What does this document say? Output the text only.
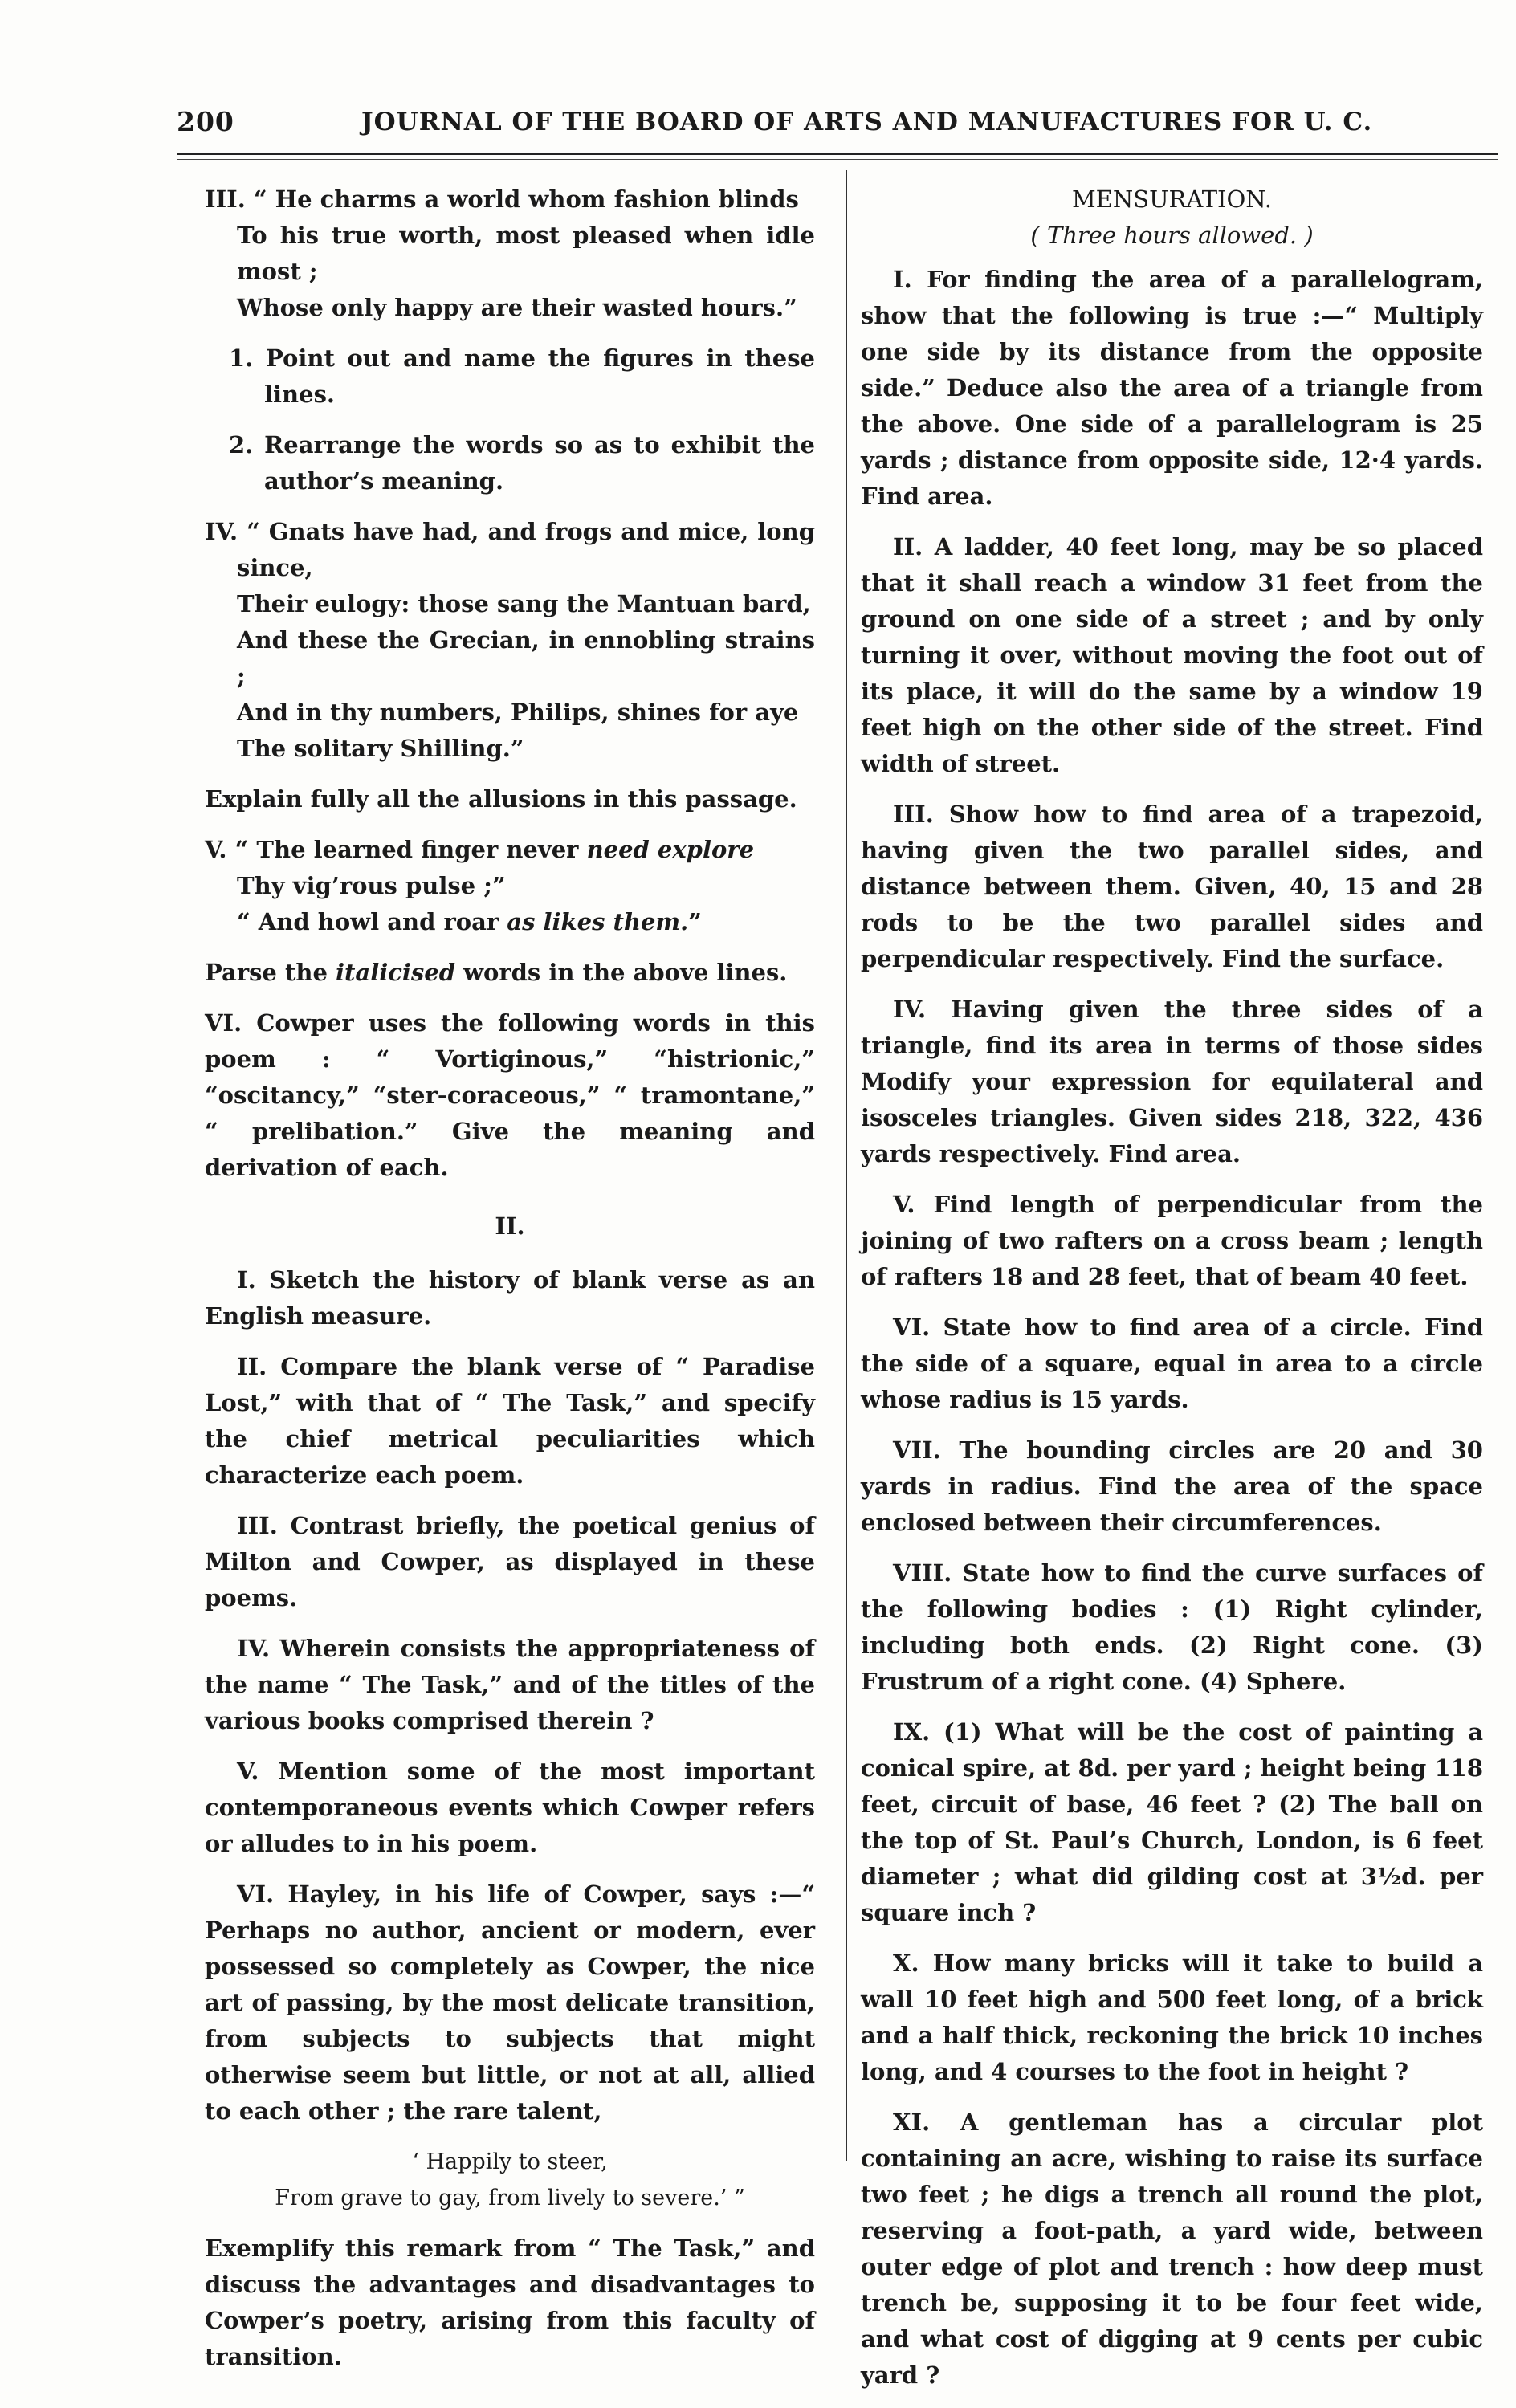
200	JOURNAL OF THE BOARD OF ARTS AND MANUFACTURES FOR U. C.
III. “ He charms a world whom fashion blinds
To his true worth, most pleased when idle most ;
Whose only happy are their wasted hours.”
1. Point out and name the figures in these lines.
2. Rearrange the words so as to exhibit the author’s meaning.
IV. “ Gnats have had, and frogs and mice, long since,
Their eulogy: those sang the Mantuan bard,
And these the Grecian, in ennobling strains ;
And in thy numbers, Philips, shines for aye
The solitary Shilling.”
Explain fully all the allusions in this passage.
V. “ The learned finger never need explore
Thy vig’rous pulse ;”
“ And howl and roar as likes them.”
Parse the italicised words in the above lines.
VI. Cowper uses the following words in this poem : “ Vortiginous,” “histrionic,” “oscitancy,” “ster-coraceous,” “ tramontane,” “ prelibation.” Give the meaning and derivation of each.
II.
I. Sketch the history of blank verse as an English measure.
II. Compare the blank verse of “ Paradise Lost,” with that of “ The Task,” and specify the chief metrical peculiarities which characterize each poem.
III. Contrast briefly, the poetical genius of Milton and Cowper, as displayed in these poems.
IV. Wherein consists the appropriateness of the name “ The Task,” and of the titles of the various books comprised therein ?
V. Mention some of the most important contemporaneous events which Cowper refers or alludes to in his poem.
VI. Hayley, in his life of Cowper, says :—“ Perhaps no author, ancient or modern, ever possessed so completely as Cowper, the nice art of passing, by the most delicate transition, from subjects to subjects that might otherwise seem but little, or not at all, allied to each other ; the rare talent,
‘ Happily to steer,
From grave to gay, from lively to severe.’ ”
Exemplify this remark from “ The Task,” and discuss the advantages and disadvantages to Cowper’s poetry, arising from this faculty of transition.
MENSURATION.
( Three hours allowed. )
I. For finding the area of a parallelogram, show that the following is true :—“ Multiply one side by its distance from the opposite side.” Deduce also the area of a triangle from the above. One side of a parallelogram is 25 yards ; distance from opposite side, 12·4 yards. Find area.
II. A ladder, 40 feet long, may be so placed that it shall reach a window 31 feet from the ground on one side of a street ; and by only turning it over, without moving the foot out of its place, it will do the same by a window 19 feet high on the other side of the street. Find width of street.
III. Show how to find area of a trapezoid, having given the two parallel sides, and distance between them. Given, 40, 15 and 28 rods to be the two parallel sides and perpendicular respectively. Find the surface.
IV. Having given the three sides of a triangle, find its area in terms of those sides Modify your expression for equilateral and isosceles triangles. Given sides 218, 322, 436 yards respectively. Find area.
V. Find length of perpendicular from the joining of two rafters on a cross beam ; length of rafters 18 and 28 feet, that of beam 40 feet.
VI. State how to find area of a circle. Find the side of a square, equal in area to a circle whose radius is 15 yards.
VII. The bounding circles are 20 and 30 yards in radius. Find the area of the space enclosed between their circumferences.
VIII. State how to find the curve surfaces of the following bodies : (1) Right cylinder, including both ends. (2) Right cone. (3) Frustrum of a right cone. (4) Sphere.
IX. (1) What will be the cost of painting a conical spire, at 8d. per yard ; height being 118 feet, circuit of base, 46 feet ? (2) The ball on the top of St. Paul’s Church, London, is 6 feet diameter ; what did gilding cost at 3½d. per square inch ?
X. How many bricks will it take to build a wall 10 feet high and 500 feet long, of a brick and a half thick, reckoning the brick 10 inches long, and 4 courses to the foot in height ?
XI. A gentleman has a circular plot containing an acre, wishing to raise its surface two feet ; he digs a trench all round the plot, reserving a foot-path, a yard wide, between outer edge of plot and trench : how deep must trench be, supposing it to be four feet wide, and what cost of digging at 9 cents per cubic yard ?
